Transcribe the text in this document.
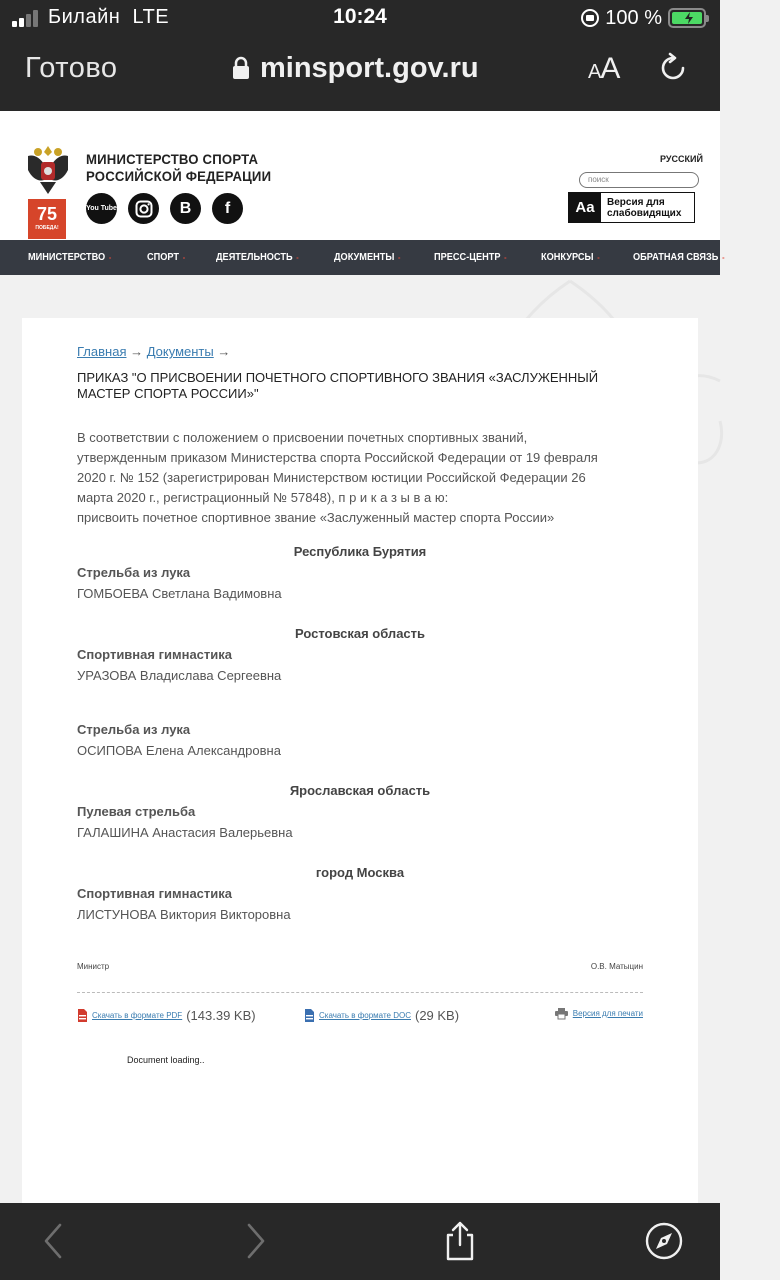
Билайн LTE	10:24	100 %
Готово	minsport.gov.ru	AA
75
ПОБЕДА!
МИНИСТЕРСТВО СПОРТА
РОССИЙСКОЙ ФЕДЕРАЦИИ
You Tube	B	f
РУССКИЙ
поиск
Aa	Версия для
слабовидящих
МИНИСТЕРСТВО -	СПОРТ -	ДЕЯТЕЛЬНОСТЬ -	ДОКУМЕНТЫ -	ПРЕСС-ЦЕНТР -	КОНКУРСЫ -	ОБРАТНАЯ СВЯЗЬ -
Главная → Документы →
ПРИКАЗ "О ПРИСВОЕНИИ ПОЧЕТНОГО СПОРТИВНОГО ЗВАНИЯ «ЗАСЛУЖЕННЫЙ МАСТЕР СПОРТА РОССИИ»"
В соответствии с положением о присвоении почетных спортивных званий,
утвержденным приказом Министерства спорта Российской Федерации от 19 февраля
2020 г. № 152 (зарегистрирован Министерством юстиции Российской Федерации 26
марта 2020 г., регистрационный № 57848), п р и к а з ы в а ю:
присвоить почетное спортивное звание «Заслуженный мастер спорта России»
Республика Бурятия
Стрельба из лука
ГОМБОЕВА Светлана Вадимовна
Ростовская область
Спортивная гимнастика
УРАЗОВА Владислава Сергеевна
Стрельба из лука
ОСИПОВА Елена Александровна
Ярославская область
Пулевая стрельба
ГАЛАШИНА Анастасия Валерьевна
город Москва
Спортивная гимнастика
ЛИСТУНОВА Виктория Викторовна
Министр	О.В. Матыцин
Скачать в формате PDF (143.39 KB)	Скачать в формате DOC (29 KB)	Версия для печати
Document loading..
